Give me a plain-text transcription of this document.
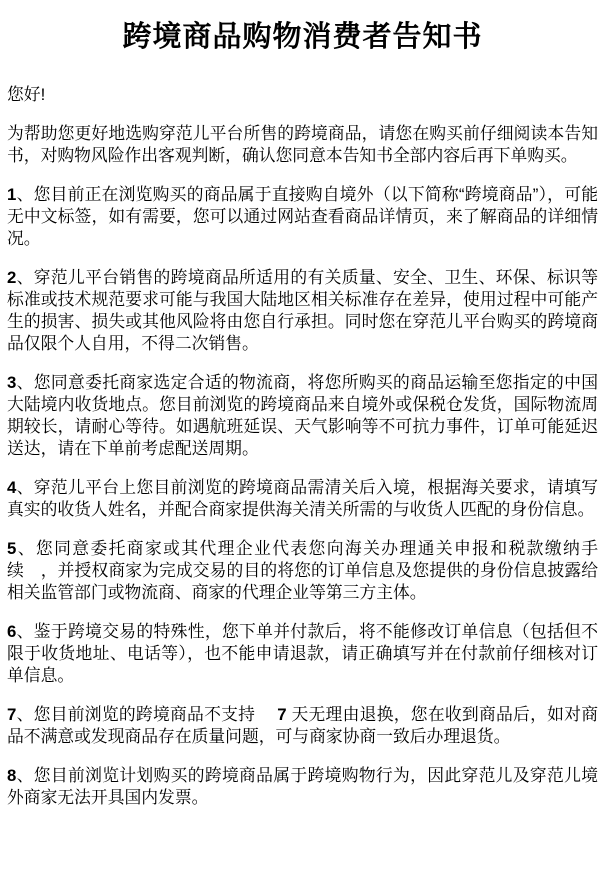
跨境商品购物消费者告知书

您好!

为帮助您更好地选购穿范儿平台所售的跨境商品，请您在购买前仔细阅读本告知书，对购物风险作出客观判断，确认您同意本告知书全部内容后再下单购买。

1、您目前正在浏览购买的商品属于直接购自境外（以下简称“跨境商品”），可能无中文标签，如有需要，您可以通过网站查看商品详情页，来了解商品的详细情况。

2、穿范儿平台销售的跨境商品所适用的有关质量、安全、卫生、环保、标识等标准或技术规范要求可能与我国大陆地区相关标准存在差异，使用过程中可能产生的损害、损失或其他风险将由您自行承担。同时您在穿范儿平台购买的跨境商品仅限个人自用，不得二次销售。

3、您同意委托商家选定合适的物流商，将您所购买的商品运输至您指定的中国大陆境内收货地点。您目前浏览的跨境商品来自境外或保税仓发货，国际物流周期较长，请耐心等待。如遇航班延误、天气影响等不可抗力事件，订单可能延迟送达，请在下单前考虑配送周期。

4、穿范儿平台上您目前浏览的跨境商品需清关后入境，根据海关要求，请填写真实的收货人姓名，并配合商家提供海关清关所需的与收货人匹配的身份信息。

5、您同意委托商家或其代理企业代表您向海关办理通关申报和税款缴纳手续　，并授权商家为完成交易的目的将您的订单信息及您提供的身份信息披露给相关监管部门或物流商、商家的代理企业等第三方主体。

6、鉴于跨境交易的特殊性，您下单并付款后，将不能修改订单信息（包括但不限于收货地址、电话等），也不能申请退款，请正确填写并在付款前仔细核对订单信息。

7、您目前浏览的跨境商品不支持　 7 天无理由退换，您在收到商品后，如对商品不满意或发现商品存在质量问题，可与商家协商一致后办理退货。

8、您目前浏览计划购买的跨境商品属于跨境购物行为，因此穿范儿及穿范儿境外商家无法开具国内发票。
